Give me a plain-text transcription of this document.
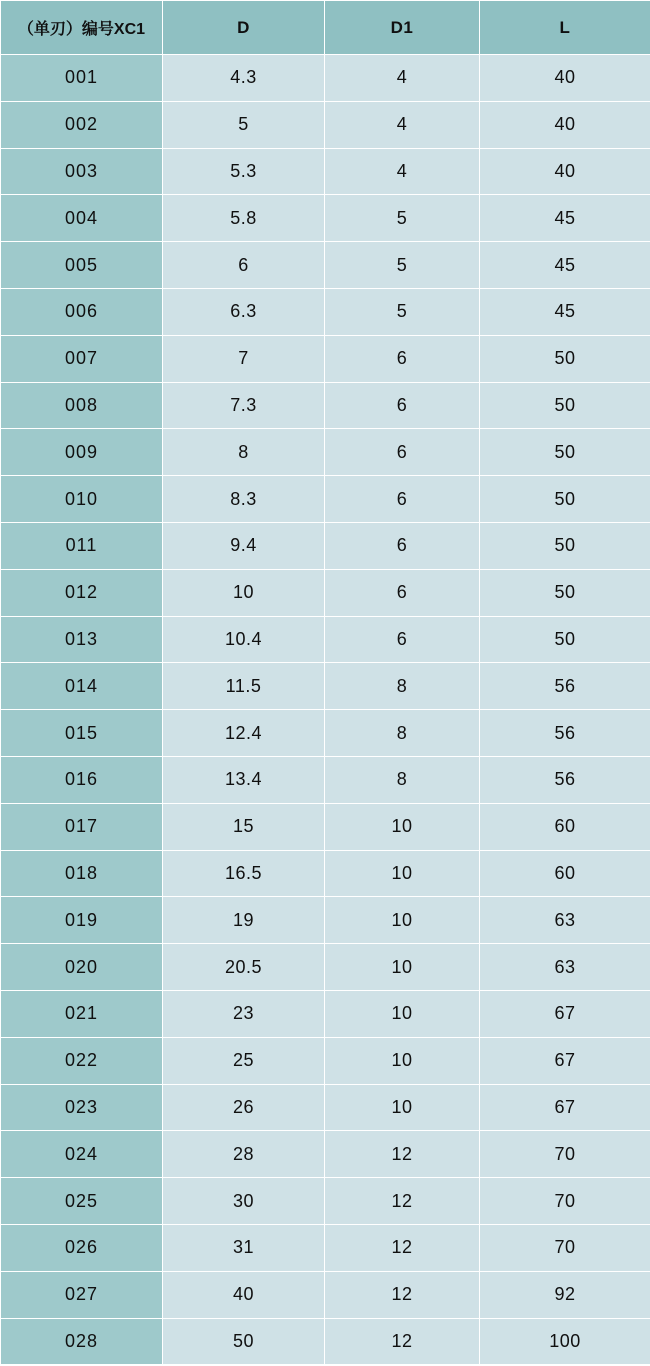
（单刃）编号XC1	D	D1	L
001	4.3	4	40
002	5	4	40
003	5.3	4	40
004	5.8	5	45
005	6	5	45
006	6.3	5	45
007	7	6	50
008	7.3	6	50
009	8	6	50
010	8.3	6	50
011	9.4	6	50
012	10	6	50
013	10.4	6	50
014	11.5	8	56
015	12.4	8	56
016	13.4	8	56
017	15	10	60
018	16.5	10	60
019	19	10	63
020	20.5	10	63
021	23	10	67
022	25	10	67
023	26	10	67
024	28	12	70
025	30	12	70
026	31	12	70
027	40	12	92
028	50	12	100
